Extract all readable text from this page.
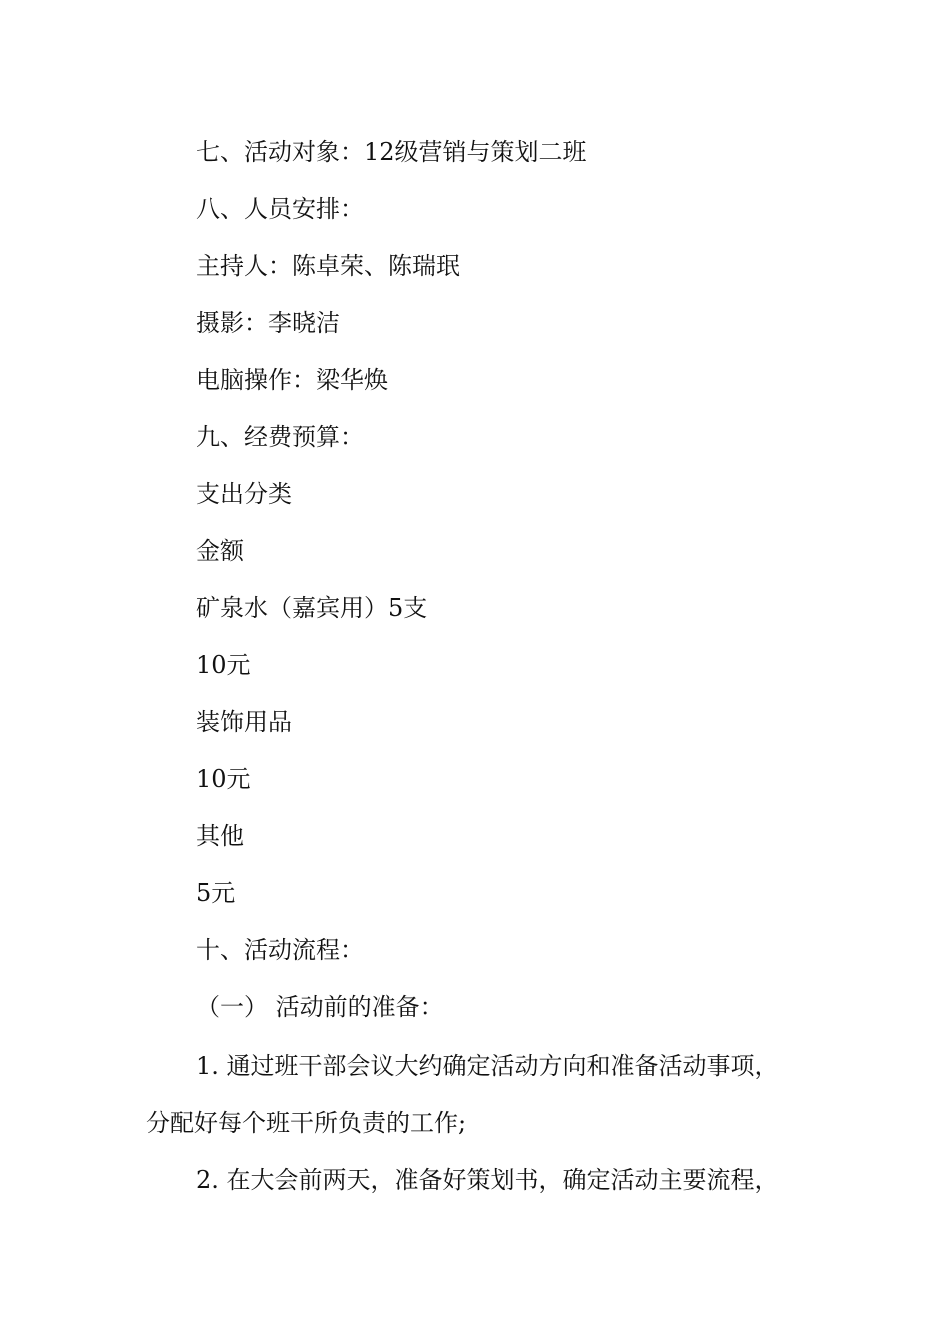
七、活动对象：12级营销与策划二班
八、人员安排：
主持人：陈卓荣、陈瑞珉
摄影：李晓洁
电脑操作：梁华焕
九、经费预算：
支出分类
金额
矿泉水（嘉宾用）5支
10元
装饰用品
10元
其他
5元
十、活动流程：
（一） 活动前的准备：
1. 通过班干部会议大约确定活动方向和准备活动事项，
分配好每个班干所负责的工作;
2. 在大会前两天，准备好策划书，确定活动主要流程，
